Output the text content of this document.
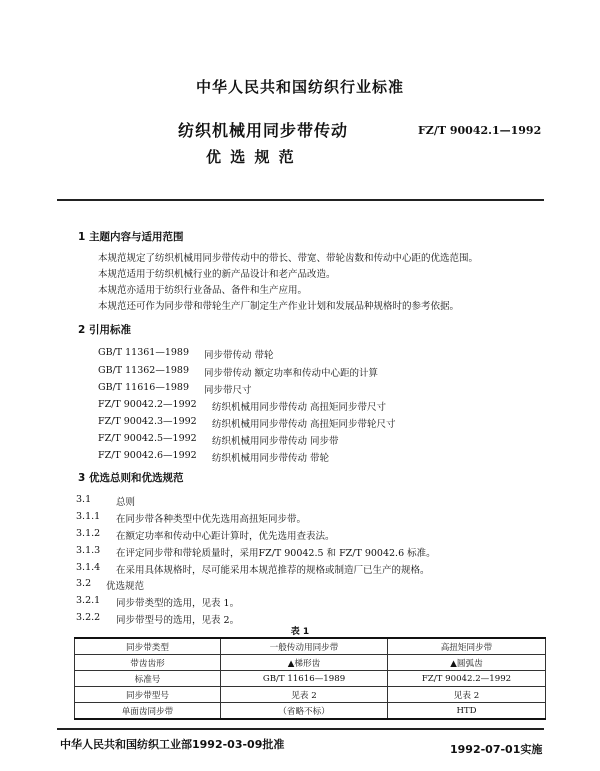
中华人民共和国纺织行业标准
纺织机械用同步带传动
优 选 规 范
FZ/T 90042.1—1992
1 主题内容与适用范围
本规范规定了纺织机械用同步带传动中的带长、带宽、带轮齿数和传动中心距的优选范围。
本规范适用于纺织机械行业的新产品设计和老产品改造。
本规范亦适用于纺织行业备品、备件和生产应用。
本规范还可作为同步带和带轮生产厂制定生产作业计划和发展品种规格时的参考依据。
2 引用标准
GB/T 11361—1989 同步带传动 带轮
GB/T 11362—1989 同步带传动 额定功率和传动中心距的计算
GB/T 11616—1989 同步带尺寸
FZ/T 90042.2—1992 纺织机械用同步带传动 高扭矩同步带尺寸
FZ/T 90042.3—1992 纺织机械用同步带传动 高扭矩同步带轮尺寸
FZ/T 90042.5—1992 纺织机械用同步带传动 同步带
FZ/T 90042.6—1992 纺织机械用同步带传动 带轮
3 优选总则和优选规范
3.1	总则
3.1.1 在同步带各种类型中优先选用高扭矩同步带。
3.1.2 在额定功率和传动中心距计算时，优先选用查表法。
3.1.3 在评定同步带和带轮质量时，采用FZ/T 90042.5 和 FZ/T 90042.6 标准。
3.1.4 在采用具体规格时，尽可能采用本规范推荐的规格或制造厂已生产的规格。
3.2 优选规范
3.2.1 同步带类型的选用，见表 1。
3.2.2 同步带型号的选用，见表 2。
表 1
同步带类型	一般传动用同步带	高扭矩同步带
带齿齿形	▲梯形齿	▲圆弧齿
标准号	GB/T 11616—1989	FZ/T 90042.2—1992
同步带型号	见表 2	见表 2
单面齿同步带	（省略不标）	HTD
中华人民共和国纺织工业部1992-03-09批准	1992-07-01实施
